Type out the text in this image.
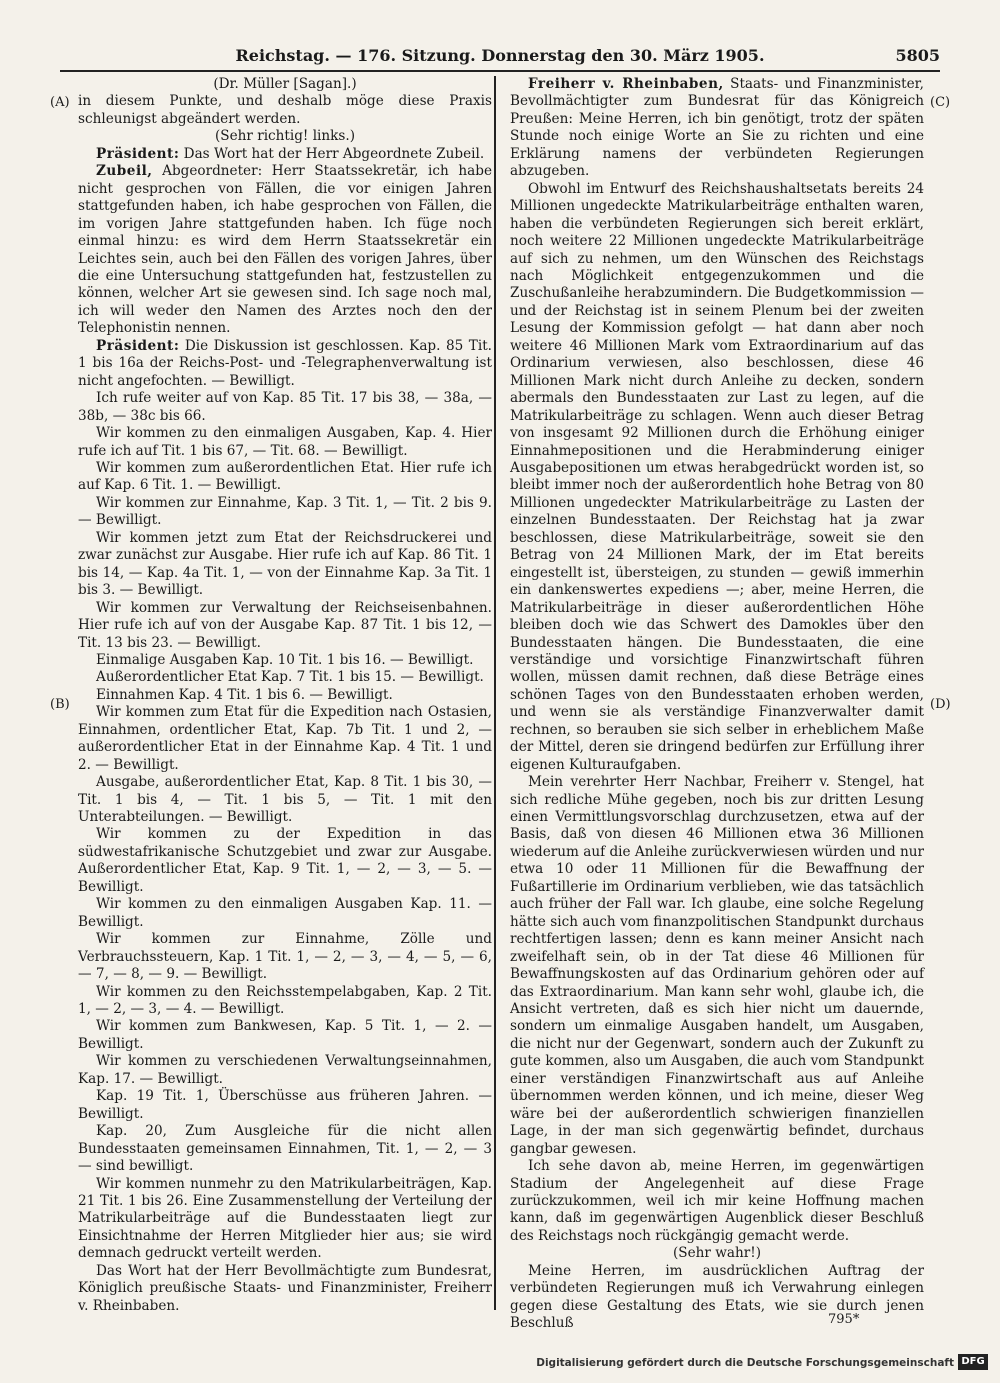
Reichstag. — 176. Sitzung. Donnerstag den 30. März 1905.	5805
(A)
(B)
(C)
(D)

(Dr. Müller [Sagan].)

in diesem Punkte, und deshalb möge diese Praxis schleunigst abgeändert werden.

(Sehr richtig! links.)

Präsident: Das Wort hat der Herr Abgeordnete Zubeil.

Zubeil, Abgeordneter: Herr Staatssekretär, ich habe nicht gesprochen von Fällen, die vor einigen Jahren stattgefunden haben, ich habe gesprochen von Fällen, die im vorigen Jahre stattgefunden haben. Ich füge noch einmal hinzu: es wird dem Herrn Staatssekretär ein Leichtes sein, auch bei den Fällen des vorigen Jahres, über die eine Untersuchung stattgefunden hat, festzustellen zu können, welcher Art sie gewesen sind. Ich sage noch mal, ich will weder den Namen des Arztes noch den der Telephonistin nennen.

Präsident: Die Diskussion ist geschlossen. Kap. 85 Tit. 1 bis 16a der Reichs-Post- und -Telegraphenverwaltung ist nicht angefochten. — Bewilligt.

Ich rufe weiter auf von Kap. 85 Tit. 17 bis 38, — 38a, — 38b, — 38c bis 66.

Wir kommen zu den einmaligen Ausgaben, Kap. 4. Hier rufe ich auf Tit. 1 bis 67, — Tit. 68. — Bewilligt.

Wir kommen zum außerordentlichen Etat. Hier rufe ich auf Kap. 6 Tit. 1. — Bewilligt.

Wir kommen zur Einnahme, Kap. 3 Tit. 1, — Tit. 2 bis 9. — Bewilligt.

Wir kommen jetzt zum Etat der Reichsdruckerei und zwar zunächst zur Ausgabe. Hier rufe ich auf Kap. 86 Tit. 1 bis 14, — Kap. 4a Tit. 1, — von der Einnahme Kap. 3a Tit. 1 bis 3. — Bewilligt.

Wir kommen zur Verwaltung der Reichseisenbahnen. Hier rufe ich auf von der Ausgabe Kap. 87 Tit. 1 bis 12, — Tit. 13 bis 23. — Bewilligt.

Einmalige Ausgaben Kap. 10 Tit. 1 bis 16. — Bewilligt.

Außerordentlicher Etat Kap. 7 Tit. 1 bis 15. — Bewilligt.

Einnahmen Kap. 4 Tit. 1 bis 6. — Bewilligt.

Wir kommen zum Etat für die Expedition nach Ostasien, Einnahmen, ordentlicher Etat, Kap. 7b Tit. 1 und 2, — außerordentlicher Etat in der Einnahme Kap. 4 Tit. 1 und 2. — Bewilligt.

Ausgabe, außerordentlicher Etat, Kap. 8 Tit. 1 bis 30, — Tit. 1 bis 4, — Tit. 1 bis 5, — Tit. 1 mit den Unterabteilungen. — Bewilligt.

Wir kommen zu der Expedition in das südwestafrikanische Schutzgebiet und zwar zur Ausgabe. Außerordentlicher Etat, Kap. 9 Tit. 1, — 2, — 3, — 5. — Bewilligt.

Wir kommen zu den einmaligen Ausgaben Kap. 11. — Bewilligt.

Wir kommen zur Einnahme, Zölle und Verbrauchssteuern, Kap. 1 Tit. 1, — 2, — 3, — 4, — 5, — 6, — 7, — 8, — 9. — Bewilligt.

Wir kommen zu den Reichsstempelabgaben, Kap. 2 Tit. 1, — 2, — 3, — 4. — Bewilligt.

Wir kommen zum Bankwesen, Kap. 5 Tit. 1, — 2. — Bewilligt.

Wir kommen zu verschiedenen Verwaltungseinnahmen, Kap. 17. — Bewilligt.

Kap. 19 Tit. 1, Überschüsse aus früheren Jahren. — Bewilligt.

Kap. 20, Zum Ausgleiche für die nicht allen Bundesstaaten gemeinsamen Einnahmen, Tit. 1, — 2, — 3 — sind bewilligt.

Wir kommen nunmehr zu den Matrikularbeiträgen, Kap. 21 Tit. 1 bis 26. Eine Zusammenstellung der Verteilung der Matrikularbeiträge auf die Bundesstaaten liegt zur Einsichtnahme der Herren Mitglieder hier aus; sie wird demnach gedruckt verteilt werden.

Das Wort hat der Herr Bevollmächtigte zum Bundesrat, Königlich preußische Staats- und Finanzminister, Freiherr v. Rheinbaben.

Freiherr v. Rheinbaben, Staats- und Finanzminister, Bevollmächtigter zum Bundesrat für das Königreich Preußen: Meine Herren, ich bin genötigt, trotz der späten Stunde noch einige Worte an Sie zu richten und eine Erklärung namens der verbündeten Regierungen abzugeben.

Obwohl im Entwurf des Reichshaushaltsetats bereits 24 Millionen ungedeckte Matrikularbeiträge enthalten waren, haben die verbündeten Regierungen sich bereit erklärt, noch weitere 22 Millionen ungedeckte Matrikularbeiträge auf sich zu nehmen, um den Wünschen des Reichstags nach Möglichkeit entgegenzukommen und die Zuschußanleihe herabzumindern. Die Budgetkommission — und der Reichstag ist in seinem Plenum bei der zweiten Lesung der Kommission gefolgt — hat dann aber noch weitere 46 Millionen Mark vom Extraordinarium auf das Ordinarium verwiesen, also beschlossen, diese 46 Millionen Mark nicht durch Anleihe zu decken, sondern abermals den Bundesstaaten zur Last zu legen, auf die Matrikularbeiträge zu schlagen. Wenn auch dieser Betrag von insgesamt 92 Millionen durch die Erhöhung einiger Einnahmepositionen und die Herabminderung einiger Ausgabepositionen um etwas herabgedrückt worden ist, so bleibt immer noch der außerordentlich hohe Betrag von 80 Millionen ungedeckter Matrikularbeiträge zu Lasten der einzelnen Bundesstaaten. Der Reichstag hat ja zwar beschlossen, diese Matrikularbeiträge, soweit sie den Betrag von 24 Millionen Mark, der im Etat bereits eingestellt ist, übersteigen, zu stunden — gewiß immerhin ein dankenswertes expediens —; aber, meine Herren, die Matrikularbeiträge in dieser außerordentlichen Höhe bleiben doch wie das Schwert des Damokles über den Bundesstaaten hängen. Die Bundesstaaten, die eine verständige und vorsichtige Finanzwirtschaft führen wollen, müssen damit rechnen, daß diese Beträge eines schönen Tages von den Bundesstaaten erhoben werden, und wenn sie als verständige Finanzverwalter damit rechnen, so berauben sie sich selber in erheblichem Maße der Mittel, deren sie dringend bedürfen zur Erfüllung ihrer eigenen Kulturaufgaben.

Mein verehrter Herr Nachbar, Freiherr v. Stengel, hat sich redliche Mühe gegeben, noch bis zur dritten Lesung einen Vermittlungsvorschlag durchzusetzen, etwa auf der Basis, daß von diesen 46 Millionen etwa 36 Millionen wiederum auf die Anleihe zurückverwiesen würden und nur etwa 10 oder 11 Millionen für die Bewaffnung der Fußartillerie im Ordinarium verblieben, wie das tatsächlich auch früher der Fall war. Ich glaube, eine solche Regelung hätte sich auch vom finanzpolitischen Standpunkt durchaus rechtfertigen lassen; denn es kann meiner Ansicht nach zweifelhaft sein, ob in der Tat diese 46 Millionen für Bewaffnungskosten auf das Ordinarium gehören oder auf das Extraordinarium. Man kann sehr wohl, glaube ich, die Ansicht vertreten, daß es sich hier nicht um dauernde, sondern um einmalige Ausgaben handelt, um Ausgaben, die nicht nur der Gegenwart, sondern auch der Zukunft zu gute kommen, also um Ausgaben, die auch vom Standpunkt einer verständigen Finanzwirtschaft aus auf Anleihe übernommen werden können, und ich meine, dieser Weg wäre bei der außerordentlich schwierigen finanziellen Lage, in der man sich gegenwärtig befindet, durchaus gangbar gewesen.

Ich sehe davon ab, meine Herren, im gegenwärtigen Stadium der Angelegenheit auf diese Frage zurückzukommen, weil ich mir keine Hoffnung machen kann, daß im gegenwärtigen Augenblick dieser Beschluß des Reichstags noch rückgängig gemacht werde.

(Sehr wahr!)

Meine Herren, im ausdrücklichen Auftrag der verbündeten Regierungen muß ich Verwahrung einlegen gegen diese Gestaltung des Etats, wie sie durch jenen Beschluß	795*
Digitalisierung gefördert durch die Deutsche Forschungsgemeinschaft DFG
